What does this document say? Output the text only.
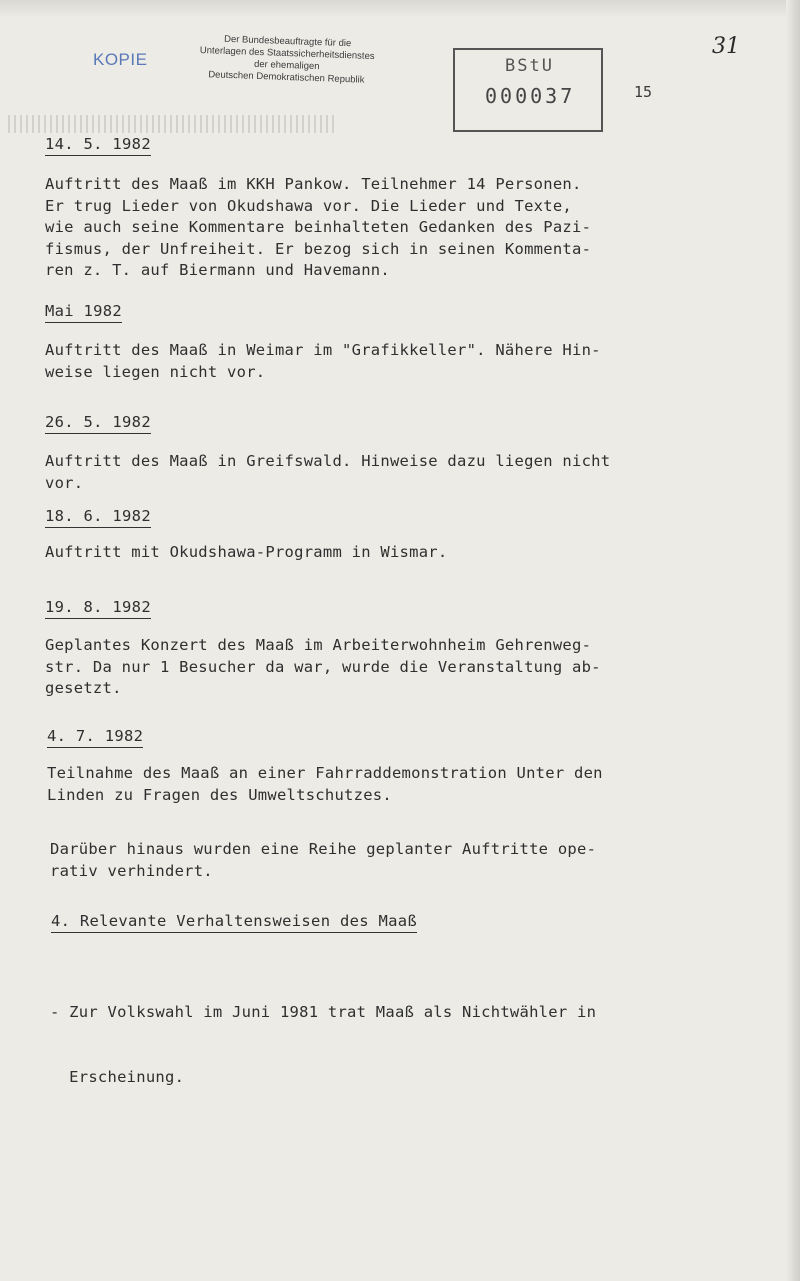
KOPIE
Der Bundesbeauftragte für die
Unterlagen des Staatssicherheitsdienstes
der ehemaligen
Deutschen Demokratischen Republik
BStU
000037	15
31
14. 5. 1982
Auftritt des Maaß im KKH Pankow. Teilnehmer 14 Personen.
Er trug Lieder von Okudshawa vor. Die Lieder und Texte,
wie auch seine Kommentare beinhalteten Gedanken des Pazi-
fismus, der Unfreiheit. Er bezog sich in seinen Kommenta-
ren z. T. auf Biermann und Havemann.
Mai 1982
Auftritt des Maaß in Weimar im "Grafikkeller". Nähere Hin-
weise liegen nicht vor.
26. 5. 1982
Auftritt des Maaß in Greifswald. Hinweise dazu liegen nicht
vor.
18. 6. 1982
Auftritt mit Okudshawa-Programm in Wismar.
19. 8. 1982
Geplantes Konzert des Maaß im Arbeiterwohnheim Gehrenweg-
str. Da nur 1 Besucher da war, wurde die Veranstaltung ab-
gesetzt.
4. 7. 1982
Teilnahme des Maaß an einer Fahrraddemonstration Unter den
Linden zu Fragen des Umweltschutzes.
Darüber hinaus wurden eine Reihe geplanter Auftritte ope-
rativ verhindert.
4. Relevante Verhaltensweisen des Maaß

- Zur Volkswahl im Juni 1981 trat Maaß als Nichtwähler in

Erscheinung.
